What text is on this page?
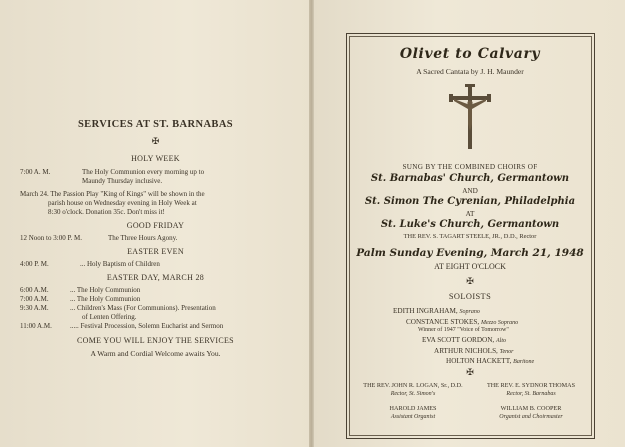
SERVICES AT ST. BARNABAS
✠
HOLY WEEK
7:00 A. M.	The Holy Communion every morning up to
Maundy Thursday inclusive.
March 24. The Passion Play "King of Kings" will be shown in the
parish house on Wednesday evening in Holy Week at
8:30 o'clock. Donation 35c. Don't miss it!
GOOD FRIDAY
12 Noon to 3:00 P. M.	The Three Hours Agony.
EASTER EVEN
4:00 P. M.	... Holy Baptism of Children
EASTER DAY, MARCH 28
6:00 A.M.	... The Holy Communion
7:00 A.M.	... The Holy Communion
9:30 A.M.	... Children's Mass (For Communions). Presentation
of Lenten Offering.
11:00 A.M.	..... Festival Procession, Solemn Eucharist and Sermon
COME YOU WILL ENJOY THE SERVICES
A Warm and Cordial Welcome awaits You.
Olivet to Calvary
A Sacred Cantata by J. H. Maunder
SUNG BY THE COMBINED CHOIRS OF
St. Barnabas' Church, Germantown
AND
St. Simon The Cyrenian, Philadelphia
AT
St. Luke's Church, Germantown
THE REV. S. TAGART STEELE, JR., D.D., Rector
Palm Sunday Evening, March 21, 1948
AT EIGHT O'CLOCK
✠
SOLOISTS
EDITH INGRAHAM, Soprano
CONSTANCE STOKES, Mezzo Soprano
Winner of 1947 "Voice of Tomorrow"
EVA SCOTT GORDON, Alto
ARTHUR NICHOLS, Tenor
HOLTON HACKETT, Baritone
✠
THE REV. JOHN R. LOGAN, Sr., D.D.
Rector, St. Simon's
THE REV. E. SYDNOR THOMAS
Rector, St. Barnabas
HAROLD JAMES
Assistant Organist
WILLIAM B. COOPER
Organist and Choirmaster
